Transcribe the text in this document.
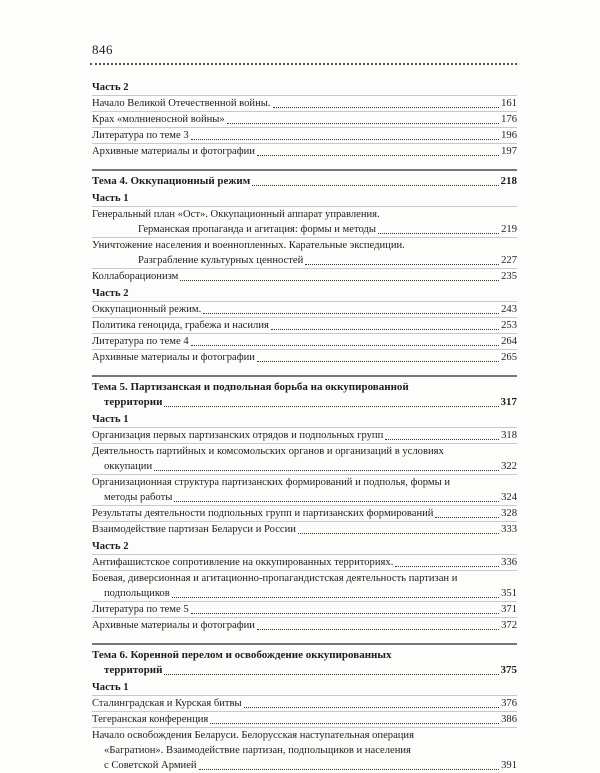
846
Часть 2
Начало Великой Отечественной войны.	161
Крах «молниеносной войны»	176
Литература по теме 3	196
Архивные материалы и фотографии	197
Тема 4. Оккупационный режим	218
Часть 1
Генеральный план «Ост». Оккупационный аппарат управления.
Германская пропаганда и агитация: формы и методы	219
Уничтожение населения и военнопленных. Карательные экспедиции.
Разграбление культурных ценностей	227
Коллаборационизм	235
Часть 2
Оккупационный режим.	243
Политика геноцида, грабежа и насилия	253
Литература по теме 4	264
Архивные материалы и фотографии	265
Тема 5. Партизанская и подпольная борьба на оккупированной
территории	317
Часть 1
Организация первых партизанских отрядов и подпольных групп	318
Деятельность партийных и комсомольских органов и организаций в условиях
оккупации	322
Организационная структура партизанских формирований и подполья, формы и
методы работы	324
Результаты деятельности подпольных групп и партизанских формирований	328
Взаимодействие партизан Беларуси и России	333
Часть 2
Антифашистское сопротивление на оккупированных территориях.	336
Боевая, диверсионная и агитационно-пропагандистская деятельность партизан и
подпольщиков	351
Литература по теме 5	371
Архивные материалы и фотографии	372
Тема 6. Коренной перелом и освобождение оккупированных
территорий	375
Часть 1
Сталинградская и Курская битвы	376
Тегеранская конференция	386
Начало освобождения Беларуси. Белорусская наступательная операция
«Багратион». Взаимодействие партизан, подпольщиков и населения
с Советской Армией	391
